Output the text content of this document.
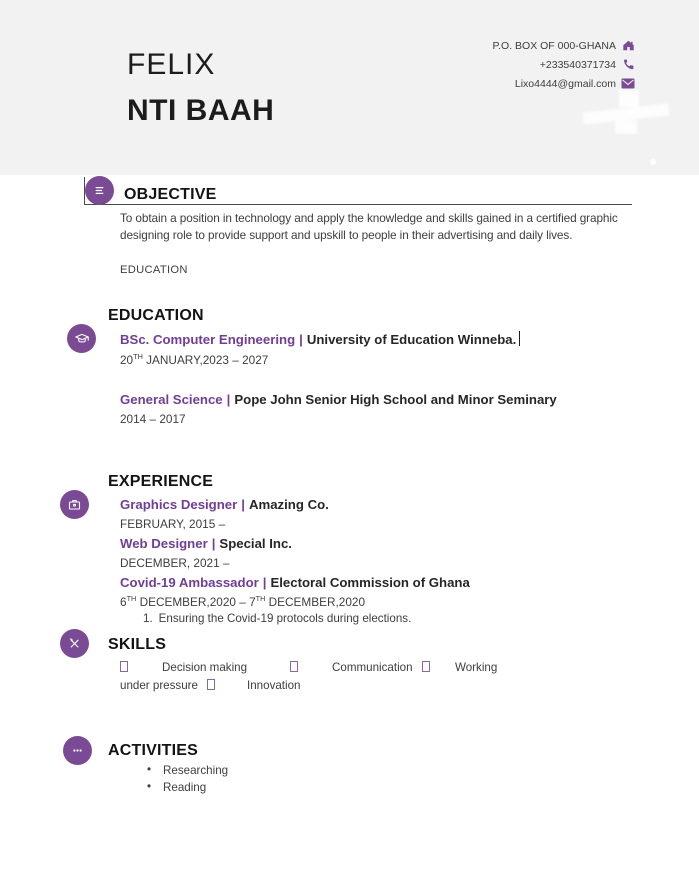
FELIX
NTI BAAH
P.O. BOX OF 000-GHANA
+233540371734
Lixo4444@gmail.com
OBJECTIVE
To obtain a position in technology and apply the knowledge and skills gained in a certified graphic designing role to provide support and upskill to people in their advertising and daily lives.
EDUCATION
EDUCATION
BSc. Computer Engineering | University of Education Winneba.
20TH JANUARY,2023 – 2027
General Science | Pope John Senior High School and Minor Seminary
2014 – 2017
EXPERIENCE
Graphics Designer | Amazing Co.
FEBRUARY, 2015 –
Web Designer | Special Inc.
DECEMBER, 2021 –
Covid-19 Ambassador | Electoral Commission of Ghana
6TH DECEMBER,2020 – 7TH DECEMBER,2020
1. Ensuring the Covid-19 protocols during elections.
SKILLS
Decision making	Communication	Working
under pressure	Innovation
ACTIVITIES
• Researching
• Reading
